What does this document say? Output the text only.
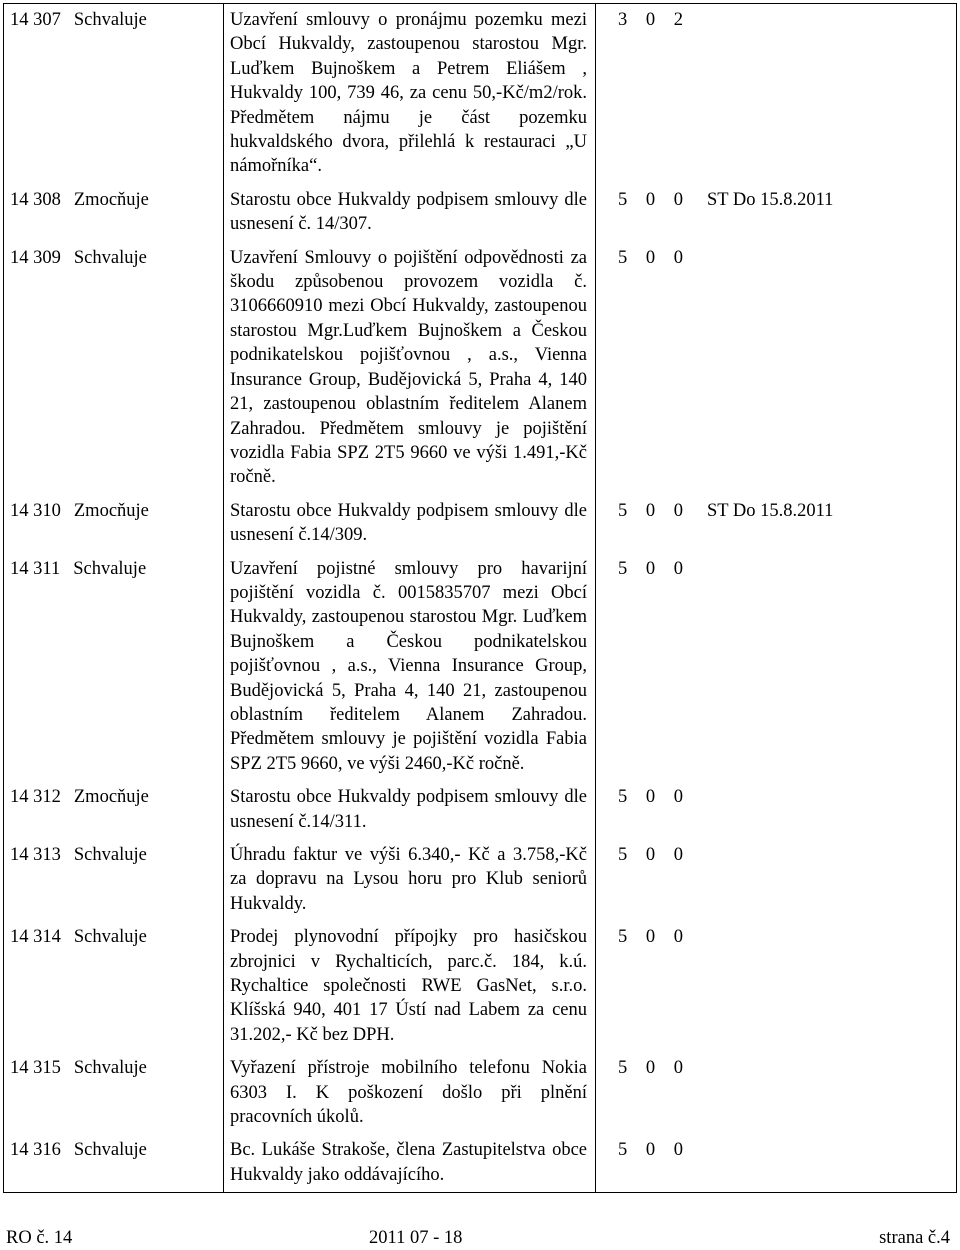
14 307 Schvaluje	Uzavření smlouvy o pronájmu pozemku mezi Obcí Hukvaldy, zastoupenou starostou Mgr. Luďkem Bujnoškem a Petrem Eliášem , Hukvaldy 100, 739 46, za cenu 50,-Kč/m2/rok. Předmětem nájmu je část pozemku hukvaldského dvora, přilehlá k restauraci „U námořníka“.	3 0 2

14 308 Zmocňuje	Starostu obce Hukvaldy podpisem smlouvy dle usnesení č. 14/307.	5 0 0 ST Do 15.8.2011

14 309 Schvaluje	Uzavření Smlouvy o pojištění odpovědnosti za škodu způsobenou provozem vozidla č. 3106660910 mezi Obcí Hukvaldy, zastoupenou starostou Mgr.Luďkem Bujnoškem a Českou podnikatelskou pojišťovnou , a.s., Vienna Insurance Group, Budějovická 5, Praha 4, 140 21, zastoupenou oblastním ředitelem Alanem Zahradou. Předmětem smlouvy je pojištění vozidla Fabia SPZ 2T5 9660 ve výši 1.491,-Kč ročně.	5 0 0

14 310 Zmocňuje	Starostu obce Hukvaldy podpisem smlouvy dle usnesení č.14/309.	5 0 0 ST Do 15.8.2011

14 311 Schvaluje	Uzavření pojistné smlouvy pro havarijní pojištění vozidla č. 0015835707 mezi Obcí Hukvaldy, zastoupenou starostou Mgr. Luďkem Bujnoškem a Českou podnikatelskou pojišťovnou , a.s., Vienna Insurance Group, Budějovická 5, Praha 4, 140 21, zastoupenou oblastním ředitelem Alanem Zahradou. Předmětem smlouvy je pojištění vozidla Fabia SPZ 2T5 9660, ve výši 2460,-Kč ročně.	5 0 0

14 312 Zmocňuje	Starostu obce Hukvaldy podpisem smlouvy dle usnesení č.14/311.	5 0 0

14 313 Schvaluje	Úhradu faktur ve výši 6.340,- Kč a 3.758,-Kč za dopravu na Lysou horu pro Klub seniorů Hukvaldy.	5 0 0

14 314 Schvaluje	Prodej plynovodní přípojky pro hasičskou zbrojnici v Rychalticích, parc.č. 184, k.ú. Rychaltice společnosti RWE GasNet, s.r.o. Klíšská 940, 401 17 Ústí nad Labem za cenu 31.202,- Kč bez DPH.	5 0 0

14 315 Schvaluje	Vyřazení přístroje mobilního telefonu Nokia 6303 I. K poškození došlo při plnění pracovních úkolů.	5 0 0

14 316 Schvaluje	Bc. Lukáše Strakoše, člena Zastupitelstva obce Hukvaldy jako oddávajícího.	5 0 0
RO č. 14	2011 07 - 18	strana č.4
